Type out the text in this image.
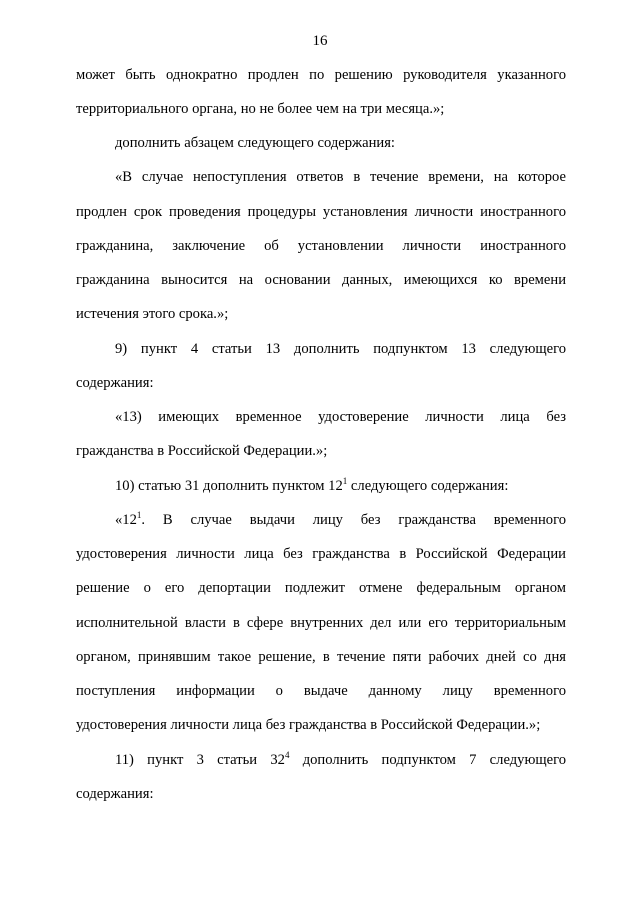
16
может быть однократно продлен по решению руководителя указанного
территориального органа, но не более чем на три месяца.»;
дополнить абзацем следующего содержания:
«В случае непоступления ответов в течение времени, на которое
продлен срок проведения процедуры установления личности иностранного
гражданина, заключение об установлении личности иностранного
гражданина выносится на основании данных, имеющихся ко времени
истечения этого срока.»;
9) пункт 4 статьи 13 дополнить подпунктом 13 следующего
содержания:
«13) имеющих временное удостоверение личности лица без
гражданства в Российской Федерации.»;
10) статью 31 дополнить пунктом $12^1$ следующего содержания:
«$12^1$. В случае выдачи лицу без гражданства временного
удостоверения личности лица без гражданства в Российской Федерации
решение о его депортации подлежит отмене федеральным органом
исполнительной власти в сфере внутренних дел или его территориальным
органом, принявшим такое решение, в течение пяти рабочих дней со дня
поступления информации о выдаче данному лицу временного
удостоверения личности лица без гражданства в Российской Федерации.»;
11) пункт 3 статьи $32^4$ дополнить подпунктом 7 следующего
содержания:
